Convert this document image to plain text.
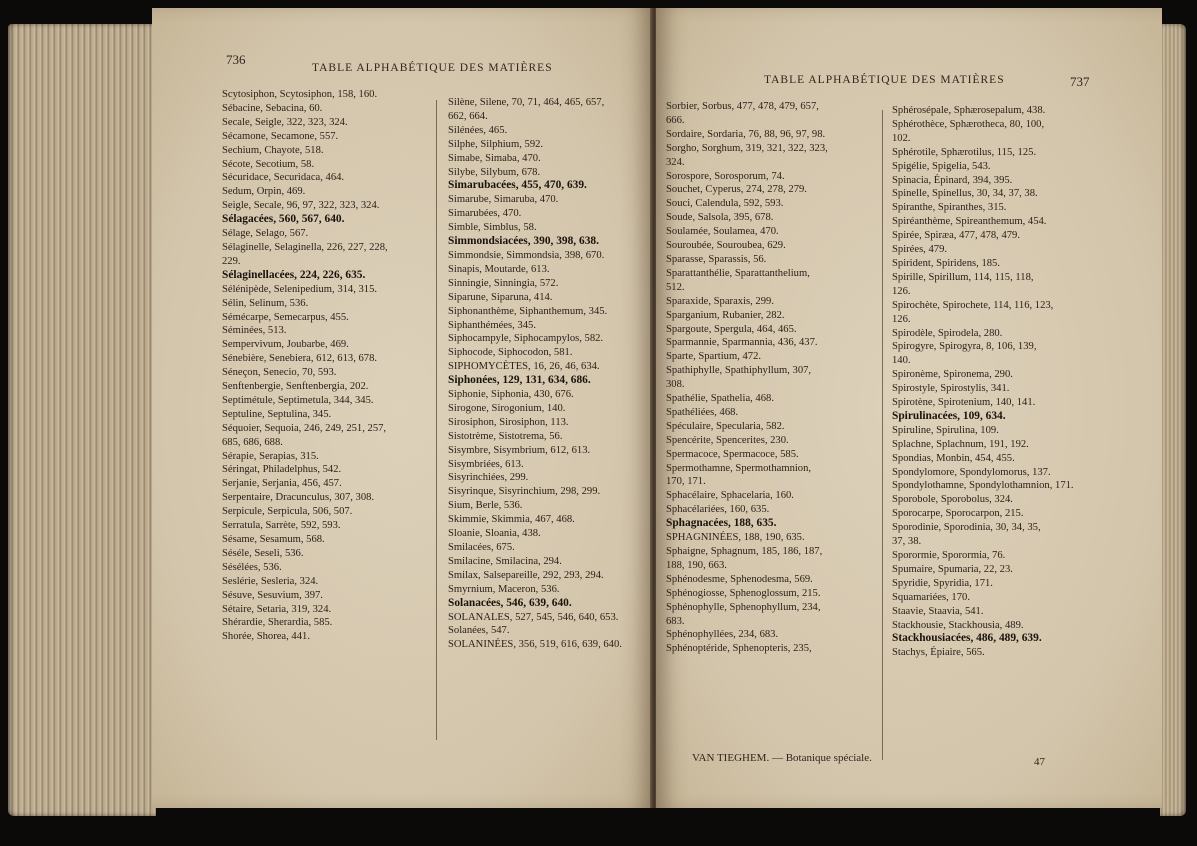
736
TABLE ALPHABÉTIQUE DES MATIÈRES
Scytosiphon, Scytosiphon, 158, 160.
Sébacine, Sebacina, 60.
Secale, Seigle, 322, 323, 324.
Sécamone, Secamone, 557.
Sechium, Chayote, 518.
Sécote, Secotium, 58.
Sécuridace, Securidaca, 464.
Sedum, Orpin, 469.
Seigle, Secale, 96, 97, 322, 323, 324.
Sélagacées, 560, 567, 640.
Sélage, Selago, 567.
Sélaginelle, Selaginella, 226, 227, 228,
229.
Sélaginellacées, 224, 226, 635.
Sélénipède, Selenipedium, 314, 315.
Sélin, Selinum, 536.
Sémécarpe, Semecarpus, 455.
Séminées, 513.
Sempervivum, Joubarbe, 469.
Sénebière, Senebiera, 612, 613, 678.
Séneçon, Senecio, 70, 593.
Senftenbergie, Senftenbergia, 202.
Septimétule, Septimetula, 344, 345.
Septuline, Septulina, 345.
Séquoier, Sequoia, 246, 249, 251, 257,
685, 686, 688.
Sérapie, Serapias, 315.
Séringat, Philadelphus, 542.
Serjanie, Serjania, 456, 457.
Serpentaire, Dracunculus, 307, 308.
Serpicule, Serpicula, 506, 507.
Serratula, Sarrète, 592, 593.
Sésame, Sesamum, 568.
Séséle, Seseli, 536.
Sésélées, 536.
Seslérie, Sesleria, 324.
Sésuve, Sesuvium, 397.
Sétaire, Setaria, 319, 324.
Shérardie, Sherardia, 585.
Shorée, Shorea, 441.
Silène, Silene, 70, 71, 464, 465, 657,
662, 664.
Silénées, 465.
Silphe, Silphium, 592.
Simabe, Simaba, 470.
Silybe, Silybum, 678.
Simarubacées, 455, 470, 639.
Simarube, Simaruba, 470.
Simarubées, 470.
Simble, Simblus, 58.
Simmondsiacées, 390, 398, 638.
Simmondsie, Simmondsia, 398, 670.
Sinapis, Moutarde, 613.
Sinningie, Sinningia, 572.
Siparune, Siparuna, 414.
Siphonanthème, Siphanthemum, 345.
Siphanthémées, 345.
Siphocampyle, Siphocampylos, 582.
Siphocode, Siphocodon, 581.
SIPHOMYCÈTES, 16, 26, 46, 634.
Siphonées, 129, 131, 634, 686.
Siphonie, Siphonia, 430, 676.
Sirogone, Sirogonium, 140.
Sirosiphon, Sirosiphon, 113.
Sistotrème, Sistotrema, 56.
Sisymbre, Sisymbrium, 612, 613.
Sisymbriées, 613.
Sisyrinchiées, 299.
Sisyrinque, Sisyrinchium, 298, 299.
Sium, Berle, 536.
Skimmie, Skimmia, 467, 468.
Sloanie, Sloania, 438.
Smilacées, 675.
Smilacine, Smilacina, 294.
Smilax, Salsepareille, 292, 293, 294.
Smyrnium, Maceron, 536.
Solanacées, 546, 639, 640.
SOLANALES, 527, 545, 546, 640, 653.
Solanées, 547.
SOLANINÉES, 356, 519, 616, 639, 640.
TABLE ALPHABÉTIQUE DES MATIÈRES	737
Sorbier, Sorbus, 477, 478, 479, 657,
666.
Sordaire, Sordaria, 76, 88, 96, 97, 98.
Sorgho, Sorghum, 319, 321, 322, 323,
324.
Sorospore, Sorosporum, 74.
Souchet, Cyperus, 274, 278, 279.
Souci, Calendula, 592, 593.
Soude, Salsola, 395, 678.
Soulamée, Soulamea, 470.
Souroubée, Souroubea, 629.
Sparasse, Sparassis, 56.
Sparattanthélie, Sparattanthelium,
512.
Sparaxide, Sparaxis, 299.
Sparganium, Rubanier, 282.
Spargoute, Spergula, 464, 465.
Sparmannie, Sparmannia, 436, 437.
Sparte, Spartium, 472.
Spathiphylle, Spathiphyllum, 307,
308.
Spathélie, Spathelia, 468.
Spathéliées, 468.
Spéculaire, Specularia, 582.
Spencérite, Spencerites, 230.
Spermacoce, Spermacoce, 585.
Spermothamne, Spermothamnion,
170, 171.
Sphacélaire, Sphacelaria, 160.
Sphacélariées, 160, 635.
Sphagnacées, 188, 635.
SPHAGNINÉES, 188, 190, 635.
Sphaigne, Sphagnum, 185, 186, 187,
188, 190, 663.
Sphénodesme, Sphenodesma, 569.
Sphénogiosse, Sphenoglossum, 215.
Sphénophylle, Sphenophyllum, 234,
683.
Sphénophyllées, 234, 683.
Sphénoptéride, Sphenopteris, 235,
Sphérosépale, Sphærosepalum, 438.
Sphérothèce, Sphærotheca, 80, 100,
102.
Sphérotile, Sphærotilus, 115, 125.
Spigélie, Spigelia, 543.
Spinacia, Épinard, 394, 395.
Spinelle, Spinellus, 30, 34, 37, 38.
Spiranthe, Spiranthes, 315.
Spiréanthème, Spireanthemum, 454.
Spirée, Spiræa, 477, 478, 479.
Spirées, 479.
Spirident, Spiridens, 185.
Spirille, Spirillum, 114, 115, 118,
126.
Spirochète, Spirochete, 114, 116, 123,
126.
Spirodèle, Spirodela, 280.
Spirogyre, Spirogyra, 8, 106, 139,
140.
Spironème, Spironema, 290.
Spirostyle, Spirostylis, 341.
Spirotène, Spirotenium, 140, 141.
Spirulinacées, 109, 634.
Spiruline, Spirulina, 109.
Splachne, Splachnum, 191, 192.
Spondias, Monbin, 454, 455.
Spondylomore, Spondylomorus, 137.
Spondylothamne, Spondylothamnion, 171.
Sporobole, Sporobolus, 324.
Sporocarpe, Sporocarpon, 215.
Sporodinie, Sporodinia, 30, 34, 35,
37, 38.
Sporormie, Sporormia, 76.
Spumaire, Spumaria, 22, 23.
Spyridie, Spyridia, 171.
Squamariées, 170.
Staavie, Staavia, 541.
Stackhousie, Stackhousia, 489.
Stackhousiacées, 486, 489, 639.
Stachys, Épiaire, 565.
VAN TIEGHEM. — Botanique spéciale.	47
